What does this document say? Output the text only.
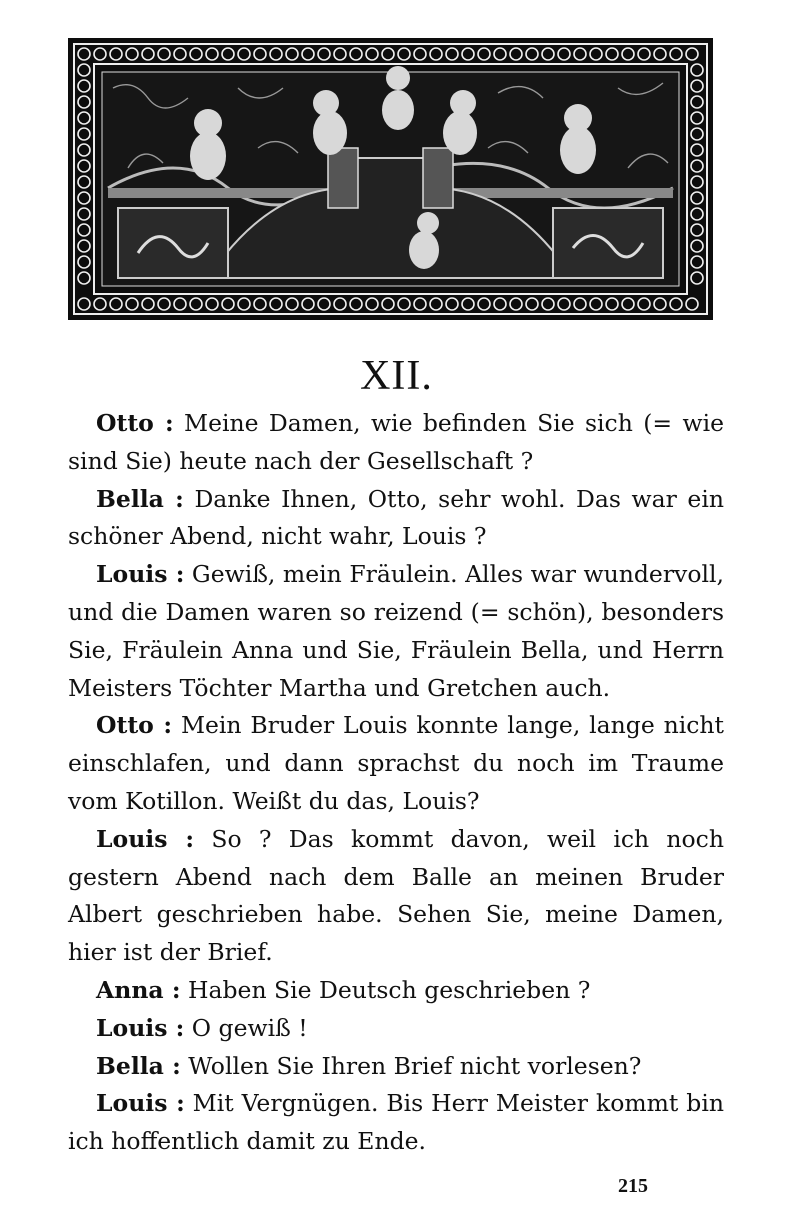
XII.

Otto : Meine Damen, wie befinden Sie sich (= wie sind Sie) heute nach der Gesellschaft ?

Bella : Danke Ihnen, Otto, sehr wohl. Das war ein schöner Abend, nicht wahr, Louis ?

Louis : Gewiß, mein Fräulein. Alles war wundervoll, und die Damen waren so reizend (= schön), besonders Sie, Fräulein Anna und Sie, Fräulein Bella, und Herrn Meisters Töchter Martha und Gretchen auch.

Otto : Mein Bruder Louis konnte lange, lange nicht einschlafen, und dann sprachst du noch im Traume vom Kotillon. Weißt du das, Louis?

Louis : So ? Das kommt davon, weil ich noch gestern Abend nach dem Balle an meinen Bruder Albert geschrieben habe. Sehen Sie, meine Damen, hier ist der Brief.

Anna : Haben Sie Deutsch geschrieben ?

Louis : O gewiß !

Bella : Wollen Sie Ihren Brief nicht vorlesen?

Louis : Mit Vergnügen. Bis Herr Meister kommt bin ich hoffentlich damit zu Ende.

215
